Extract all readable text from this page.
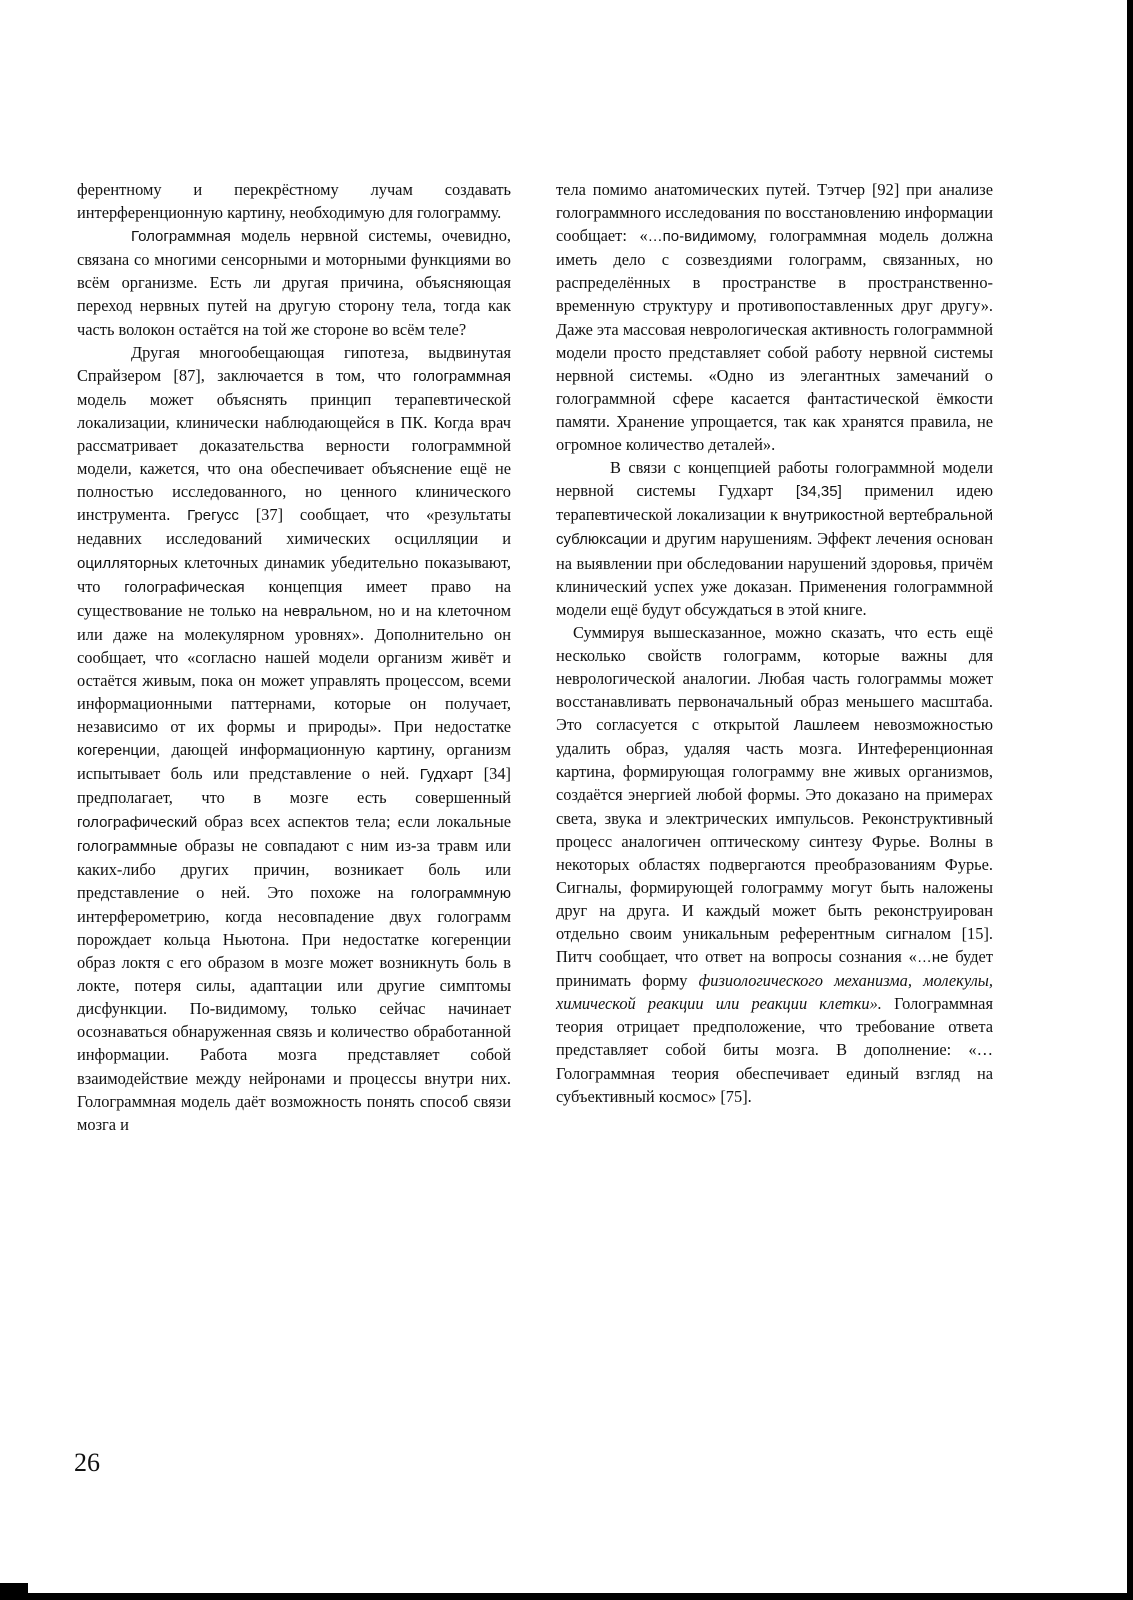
ферентному и перекрёстному лучам создавать интерференционную картину, необходимую для голограмму.

Голограммная модель нервной системы, очевидно, связана со многими сенсорными и моторными функциями во всём организме. Есть ли другая причина, объясняющая переход нервных путей на другую сторону тела, тогда как часть волокон остаётся на той же стороне во всём теле?

Другая многообещающая гипотеза, выдвинутая Спрайзером [87], заключается в том, что голограммная модель может объяснять принцип терапевтической локализации, клинически наблюдающейся в ПК. Когда врач рассматривает доказательства верности голограммной модели, кажется, что она обеспечивает объяснение ещё не полностью исследованного, но ценного клинического инструмента. Грегусс [37] сообщает, что «результаты недавних исследований химических осцилляции и оцилляторных клеточных динамик убедительно показывают, что голографическая концепция имеет право на существование не только на невральном, но и на клеточном или даже на молекулярном уровнях». Дополнительно он сообщает, что «согласно нашей модели организм живёт и остаётся живым, пока он может управлять процессом, всеми информационными паттернами, которые он получает, независимо от их формы и природы». При недостатке когеренции, дающей информационную картину, организм испытывает боль или представление о ней. Гудхарт [34] предполагает, что в мозге есть совершенный голографический образ всех аспектов тела; если локальные голограммные образы не совпадают с ним из-за травм или каких-либо других причин, возникает боль или представление о ней. Это похоже на голограммную интерферометрию, когда несовпадение двух голограмм порождает кольца Ньютона. При недостатке когеренции образ локтя с его образом в мозге может возникнуть боль в локте, потеря силы, адаптации или другие симптомы дисфункции. По-видимому, только сейчас начинает осознаваться обнаруженная связь и количество обработанной информации. Работа мозга представляет собой взаимодействие между нейронами и процессы внутри них. Голограммная модель даёт возможность понять способ связи мозга и

тела помимо анатомических путей. Тэтчер [92] при анализе голограммного исследования по восстановлению информации сообщает: «…по-видимому, голограммная модель должна иметь дело с созвездиями голограмм, связанных, но распределённых в пространстве в пространственно-временную структуру и противопоставленных друг другу». Даже эта массовая неврологическая активность голограммной модели просто представляет собой работу нервной системы нервной системы. «Одно из элегантных замечаний о голограммной сфере касается фантастической ёмкости памяти. Хранение упрощается, так как хранятся правила, не огромное количество деталей».

В связи с концепцией работы голограммной модели нервной системы Гудхарт [34,35] применил идею терапевтической локализации к внутрикостной вертебральной сублюксации и другим нарушениям. Эффект лечения основан на выявлении при обследовании нарушений здоровья, причём клинический успех уже доказан. Применения голограммной модели ещё будут обсуждаться в этой книге.

Суммируя вышесказанное, можно сказать, что есть ещё несколько свойств голограмм, которые важны для неврологической аналогии. Любая часть голограммы может восстанавливать первоначальный образ меньшего масштаба. Это согласуется с открытой Лашлеем невозможностью удалить образ, удаляя часть мозга. Интеференционная картина, формирующая голограмму вне живых организмов, создаётся энергией любой формы. Это доказано на примерах света, звука и электрических импульсов. Реконструктивный процесс аналогичен оптическому синтезу Фурье. Волны в некоторых областях подвергаются преобразованиям Фурье. Сигналы, формирующей голограмму могут быть наложены друг на друга. И каждый может быть реконструирован отдельно своим уникальным референтным сигналом [15]. Питч сообщает, что ответ на вопросы сознания «…не будет принимать форму физиологического механизма, молекулы, химической реакции или реакции клетки». Голограммная теория отрицает предположение, что требование ответа представляет собой биты мозга. В дополнение: «…Голограммная теория обеспечивает единый взгляд на субъективный космос» [75].

26
